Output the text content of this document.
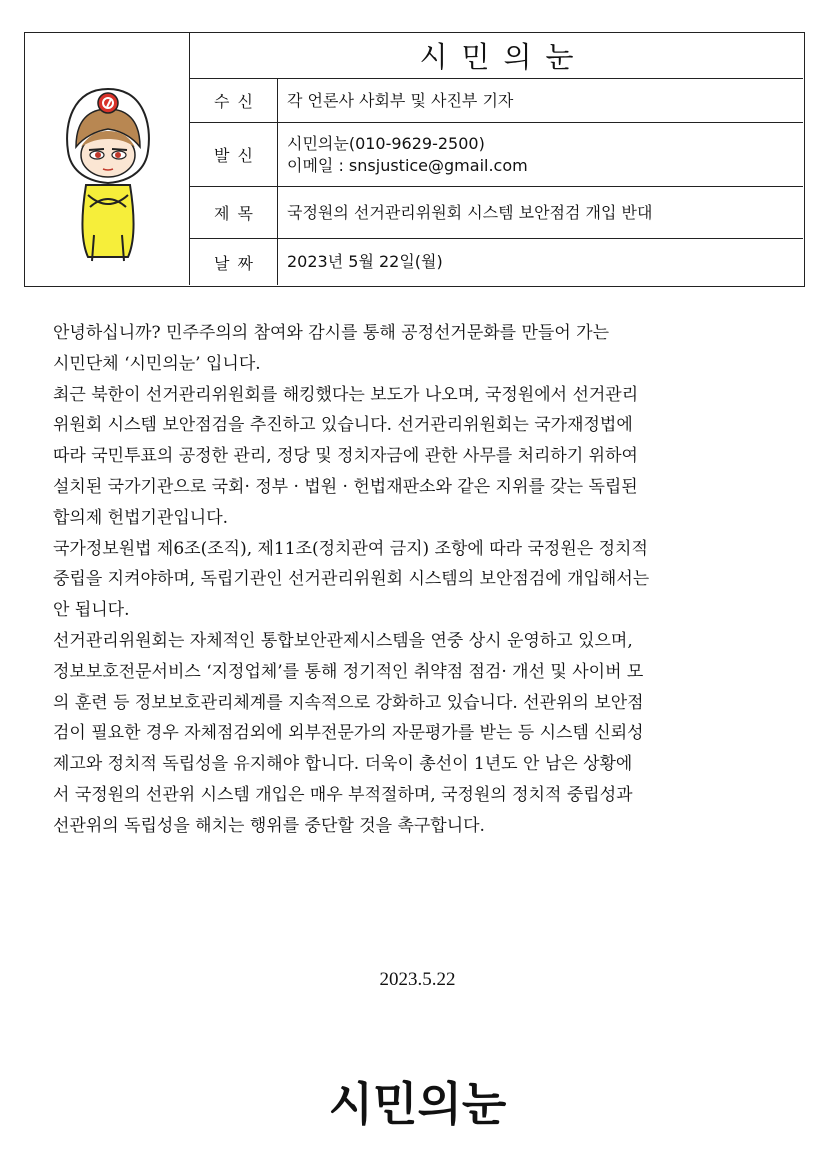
시민의눈
수신	각 언론사 사회부 및 사진부 기자
발신
시민의눈(010-9629-2500)
이메일 : snsjustice@gmail.com
제목	국정원의 선거관리위원회 시스템 보안점검 개입 반대
날짜	2023년 5월 22일(월)

안녕하십니까? 민주주의의 참여와 감시를 통해 공정선거문화를 만들어 가는

시민단체 ‘시민의눈’ 입니다.

최근 북한이 선거관리위원회를 해킹했다는 보도가 나오며, 국정원에서 선거관리

위원회 시스템 보안점검을 추진하고 있습니다. 선거관리위원회는 국가재정법에

따라 국민투표의 공정한 관리, 정당 및 정치자금에 관한 사무를 처리하기 위하여

설치된 국가기관으로 국회· 정부 · 법원 · 헌법재판소와 같은 지위를 갖는 독립된

합의제 헌법기관입니다.

국가정보원법 제6조(조직), 제11조(정치관여 금지) 조항에 따라 국정원은 정치적

중립을 지켜야하며, 독립기관인 선거관리위원회 시스템의 보안점검에 개입해서는

안 됩니다.

선거관리위원회는 자체적인 통합보안관제시스템을 연중 상시 운영하고 있으며,

정보보호전문서비스 ‘지정업체’를 통해 정기적인 취약점 점검· 개선 및 사이버 모

의 훈련 등 정보보호관리체계를 지속적으로 강화하고 있습니다. 선관위의 보안점

검이 필요한 경우 자체점검외에 외부전문가의 자문평가를 받는 등 시스템 신뢰성

제고와 정치적 독립성을 유지해야 합니다. 더욱이 총선이 1년도 안 남은 상황에

서 국정원의 선관위 시스템 개입은 매우 부적절하며, 국정원의 정치적 중립성과

선관위의 독립성을 해치는 행위를 중단할 것을 촉구합니다.

2023.5.22
시민의눈
